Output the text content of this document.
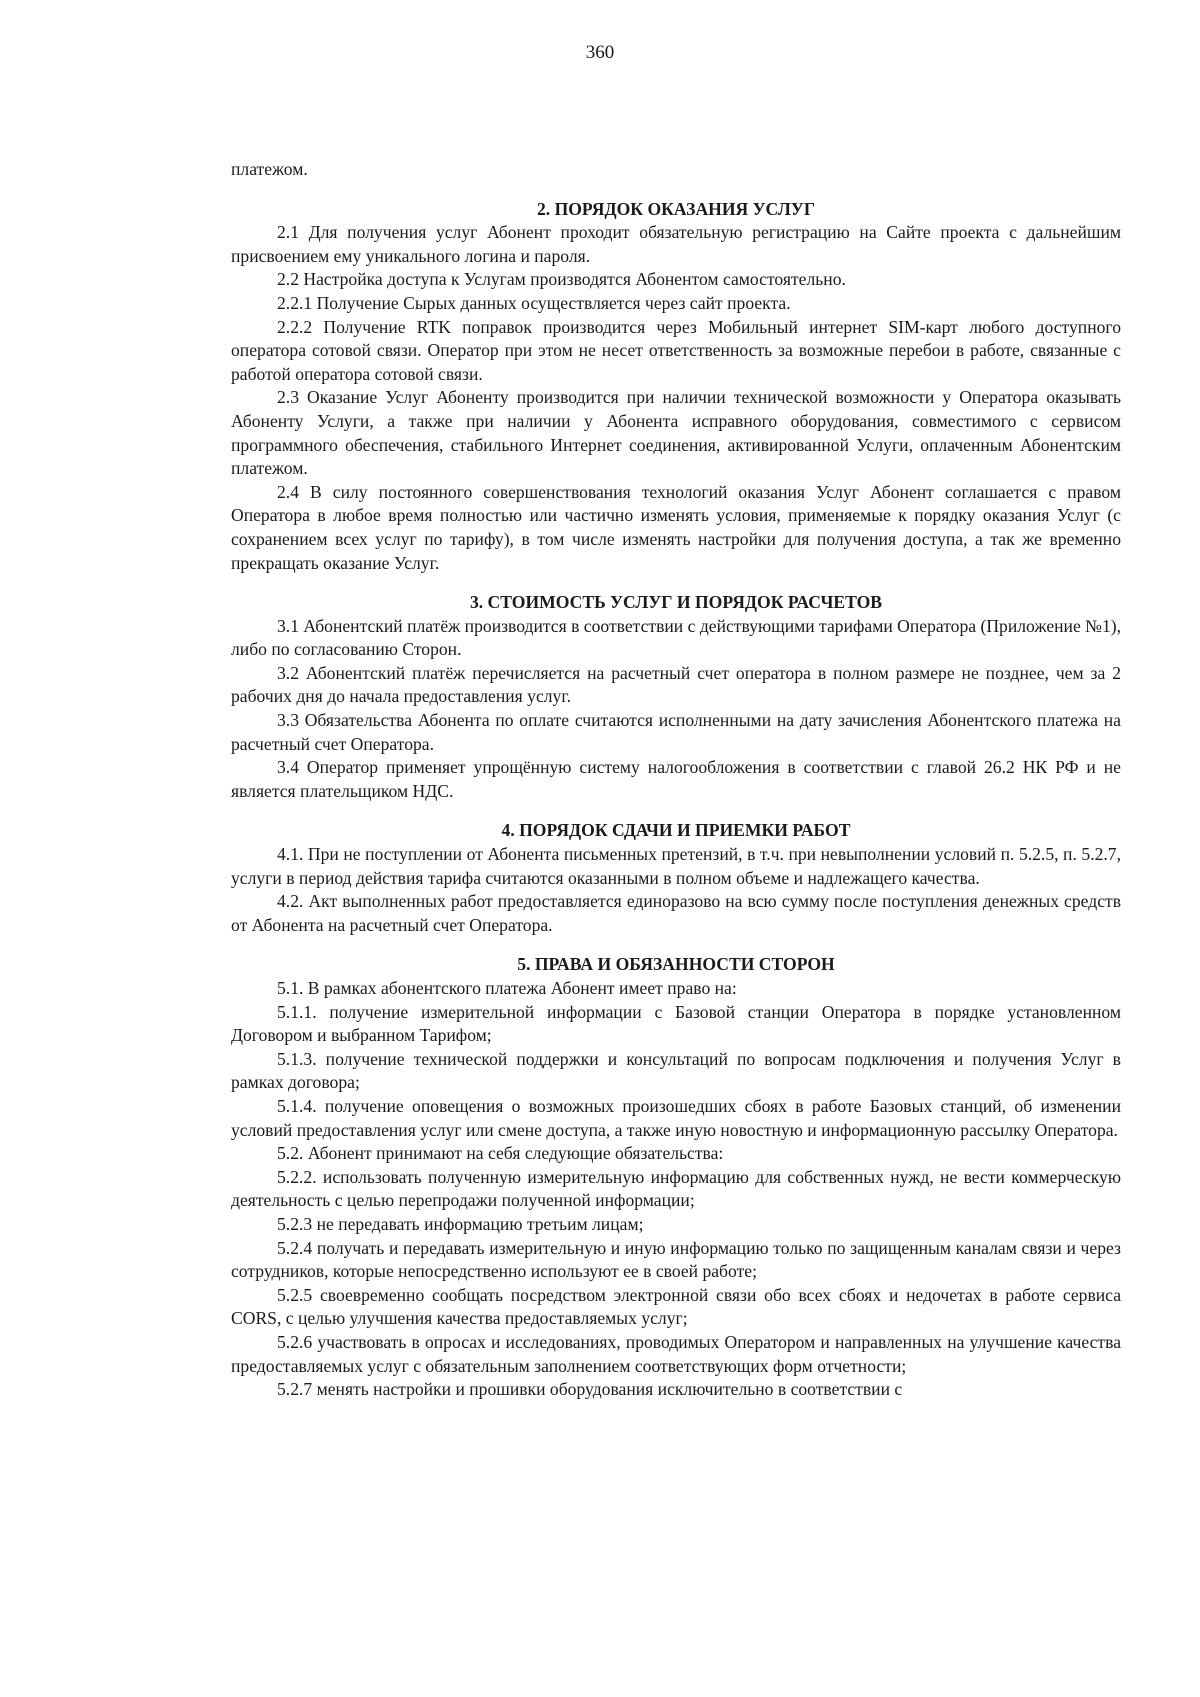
360

платежом.

2. ПОРЯДОК ОКАЗАНИЯ УСЛУГ

2.1 Для получения услуг Абонент проходит обязательную регистрацию на Сайте проекта с дальнейшим присвоением ему уникального логина и пароля.

2.2 Настройка доступа к Услугам производятся Абонентом самостоятельно.

2.2.1 Получение Сырых данных осуществляется через сайт проекта.

2.2.2 Получение RTK поправок производится через Мобильный интернет SIM-карт любого доступного оператора сотовой связи. Оператор при этом не несет ответственность за возможные перебои в работе, связанные с работой оператора сотовой связи.

2.3 Оказание Услуг Абоненту производится при наличии технической возможности у Оператора оказывать Абоненту Услуги, а также при наличии у Абонента исправного оборудования, совместимого с сервисом программного обеспечения, стабильного Интернет соединения, активированной Услуги, оплаченным Абонентским платежом.

2.4 В силу постоянного совершенствования технологий оказания Услуг Абонент соглашается с правом Оператора в любое время полностью или частично изменять условия, применяемые к порядку оказания Услуг (с сохранением всех услуг по тарифу), в том числе изменять настройки для получения доступа, а так же временно прекращать оказание Услуг.

3. СТОИМОСТЬ УСЛУГ И ПОРЯДОК РАСЧЕТОВ

3.1 Абонентский платёж производится в соответствии с действующими тарифами Оператора (Приложение №1), либо по согласованию Сторон.

3.2 Абонентский платёж перечисляется на расчетный счет оператора в полном размере не позднее, чем за 2 рабочих дня до начала предоставления услуг.

3.3 Обязательства Абонента по оплате считаются исполненными на дату зачисления Абонентского платежа на расчетный счет Оператора.

3.4 Оператор применяет упрощённую систему налогообложения в соответствии с главой 26.2 НК РФ и не является плательщиком НДС.

4. ПОРЯДОК СДАЧИ И ПРИЕМКИ РАБОТ

4.1. При не поступлении от Абонента письменных претензий, в т.ч. при невыполнении условий п. 5.2.5, п. 5.2.7, услуги в период действия тарифа считаются оказанными в полном объеме и надлежащего качества.

4.2. Акт выполненных работ предоставляется единоразово на всю сумму после поступления денежных средств от Абонента на расчетный счет Оператора.

5. ПРАВА И ОБЯЗАННОСТИ СТОРОН

5.1. В рамках абонентского платежа Абонент имеет право на:

5.1.1. получение измерительной информации с Базовой станции Оператора в порядке установленном Договором и выбранном Тарифом;

5.1.3. получение технической поддержки и консультаций по вопросам подключения и получения Услуг в рамках договора;

5.1.4. получение оповещения о возможных произошедших сбоях в работе Базовых станций, об изменении условий предоставления услуг или смене доступа, а также иную новостную и информационную рассылку Оператора.

5.2. Абонент принимают на себя следующие обязательства:

5.2.2. использовать полученную измерительную информацию для собственных нужд, не вести коммерческую деятельность с целью перепродажи полученной информации;

5.2.3 не передавать информацию третьим лицам;

5.2.4 получать и передавать измерительную и иную информацию только по защищенным каналам связи и через сотрудников, которые непосредственно используют ее в своей работе;

5.2.5 своевременно сообщать посредством электронной связи обо всех сбоях и недочетах в работе сервиса CORS, с целью улучшения качества предоставляемых услуг;

5.2.6 участвовать в опросах и исследованиях, проводимых Оператором и направленных на улучшение качества предоставляемых услуг с обязательным заполнением соответствующих форм отчетности;

5.2.7 менять настройки и прошивки оборудования исключительно в соответствии с
